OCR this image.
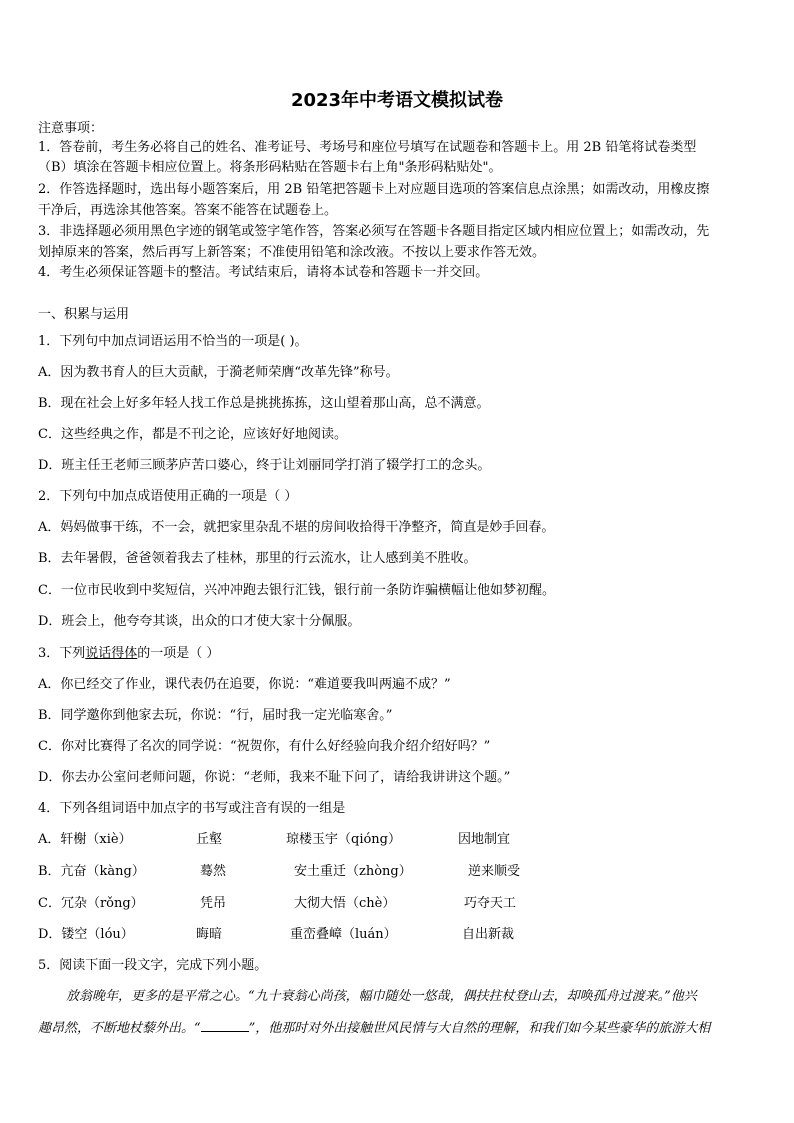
2023年中考语文模拟试卷
注意事项：
1．答卷前，考生务必将自己的姓名、准考证号、考场号和座位号填写在试题卷和答题卡上。用 2B 铅笔将试卷类型
（B）填涂在答题卡相应位置上。将条形码粘贴在答题卡右上角"条形码粘贴处"。
2．作答选择题时，选出每小题答案后，用 2B 铅笔把答题卡上对应题目选项的答案信息点涂黑；如需改动，用橡皮擦
干净后，再选涂其他答案。答案不能答在试题卷上。
3．非选择题必须用黑色字迹的钢笔或签字笔作答，答案必须写在答题卡各题目指定区域内相应位置上；如需改动，先
划掉原来的答案，然后再写上新答案；不准使用铅笔和涂改液。不按以上要求作答无效。
4．考生必须保证答题卡的整洁。考试结束后，请将本试卷和答题卡一并交回。
一、积累与运用
1．下列句中加点词语运用不恰当的一项是( )。
A．因为教书育人的巨大贡献，于漪老师荣膺“改革先锋”称号。
B．现在社会上好多年轻人找工作总是挑挑拣拣，这山望着那山高，总不满意。
C．这些经典之作，都是不刊之论，应该好好地阅读。
D．班主任王老师三顾茅庐苦口婆心，终于让刘丽同学打消了辍学打工的念头。
2．下列句中加点成语使用正确的一项是（ ）
A．妈妈做事干练，不一会，就把家里杂乱不堪的房间收拾得干净整齐，简直是妙手回春。
B．去年暑假，爸爸领着我去了桂林，那里的行云流水，让人感到美不胜收。
C．一位市民收到中奖短信，兴冲冲跑去银行汇钱，银行前一条防诈骗横幅让他如梦初醒。
D．班会上，他夸夸其谈，出众的口才使大家十分佩服。
3．下列说话得体的一项是（ ）
A．你已经交了作业，课代表仍在追要，你说：“难道要我叫两遍不成？”
B．同学邀你到他家去玩，你说：“行，届时我一定光临寒舍。”
C．你对比赛得了名次的同学说：“祝贺你，有什么好经验向我介绍介绍好吗？”
D．你去办公室问老师问题，你说：“老师，我来不耻下问了，请给我讲讲这个题。”
4．下列各组词语中加点字的书写或注音有误的一组是
A．轩榭（xiè）	丘壑	琼楼玉宇（qióng）	因地制宜
B．亢奋（kàng）	蓦然	安土重迁（zhòng）	逆来顺受
C．冗杂（rǒng）	凭吊	大彻大悟（chè）	巧夺天工
D．镂空（lóu）	晦暗	重峦叠嶂（luán）	自出新裁
5．阅读下面一段文字，完成下列小题。
放翁晚年，更多的是平常之心。“九十衰翁心尚孩，幅巾随处一悠哉，偶扶拄杖登山去，却唤孤舟过渡来。”他兴
趣昂然，不断地杖藜外出。“	”，他那时对外出接触世风民情与大自然的理解，和我们如今某些豪华的旅游大相
